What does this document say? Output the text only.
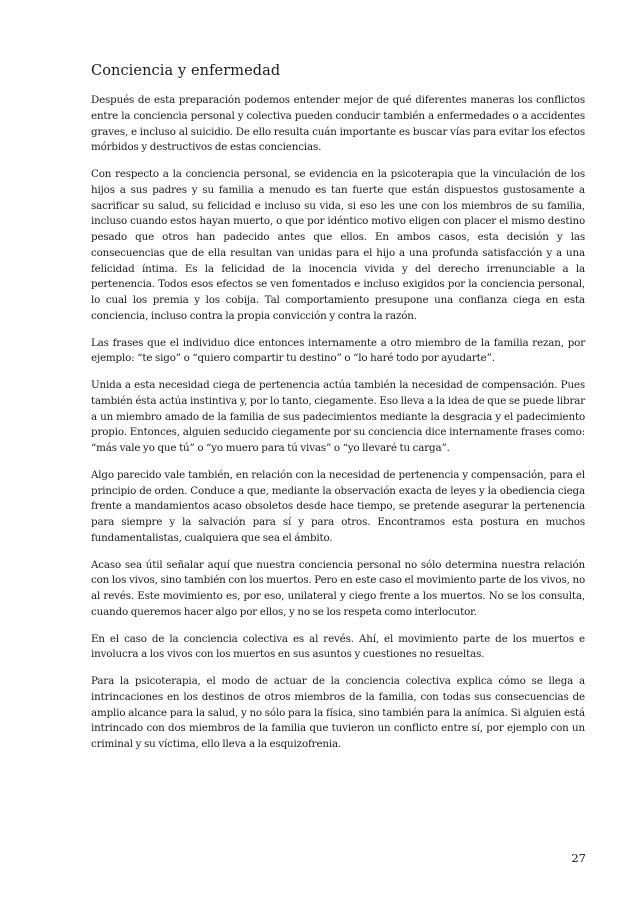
Conciencia y enfermedad

Después de esta preparación podemos entender mejor de qué diferentes maneras los conflictos entre la conciencia personal y colectiva pueden conducir también a enfermedades o a accidentes graves, e incluso al suicidio. De ello resulta cuán importante es buscar vías para evitar los efectos mórbidos y destructivos de estas conciencias.

Con respecto a la conciencia personal, se evidencia en la psicoterapia que la vinculación de los hijos a sus padres y su familia a menudo es tan fuerte que están dispuestos gustosamente a sacrificar su salud, su felicidad e incluso su vida, si eso les une con los miembros de su familia, incluso cuando estos hayan muerto, o que por idéntico motivo eligen con placer el mismo destino pesado que otros han padecido antes que ellos. En ambos casos, esta decisión y las consecuencias que de ella resultan van unidas para el hijo a una profunda satisfacción y a una felicidad íntima. Es la felicidad de la inocencia vivida y del derecho irrenunciable a la pertenencia. Todos esos efectos se ven fomentados e incluso exigidos por la conciencia personal, lo cual los premia y los cobija. Tal comportamiento presupone una confianza ciega en esta conciencia, incluso contra la propia convicción y contra la razón.

Las frases que el individuo dice entonces internamente a otro miembro de la familia rezan, por ejemplo: “te sigo” o “quiero compartir tu destino” o “lo haré todo por ayudarte”.

Unida a esta necesidad ciega de pertenencia actúa también la necesidad de compensación. Pues también ésta actúa instintiva y, por lo tanto, ciegamente. Eso lleva a la idea de que se puede librar a un miembro amado de la familia de sus padecimientos mediante la desgracia y el padecimiento propio. Entonces, alguien seducido ciegamente por su conciencia dice internamente frases como: “más vale yo que tú” o “yo muero para tú vivas” o “yo llevaré tu carga”.

Algo parecido vale también, en relación con la necesidad de pertenencia y compensación, para el principio de orden. Conduce a que, mediante la observación exacta de leyes y la obediencia ciega frente a mandamientos acaso obsoletos desde hace tiempo, se pretende asegurar la pertenencia para siempre y la salvación para sí y para otros. Encontramos esta postura en muchos fundamentalistas, cualquiera que sea el ámbito.

Acaso sea útil señalar aquí que nuestra conciencia personal no sólo determina nuestra relación con los vivos, sino también con los muertos. Pero en este caso el movimiento parte de los vivos, no al revés. Este movimiento es, por eso, unilateral y ciego frente a los muertos. No se los consulta, cuando queremos hacer algo por ellos, y no se los respeta como interlocutor.

En el caso de la conciencia colectiva es al revés. Ahí, el movimiento parte de los muertos e involucra a los vivos con los muertos en sus asuntos y cuestiones no resueltas.

Para la psicoterapia, el modo de actuar de la conciencia colectiva explica cómo se llega a intrincaciones en los destinos de otros miembros de la familia, con todas sus consecuencias de amplio alcance para la salud, y no sólo para la física, sino también para la anímica. Si alguien está intrincado con dos miembros de la familia que tuvieron un conflicto entre sí, por ejemplo con un criminal y su víctima, ello lleva a la esquizofrenia.

27
